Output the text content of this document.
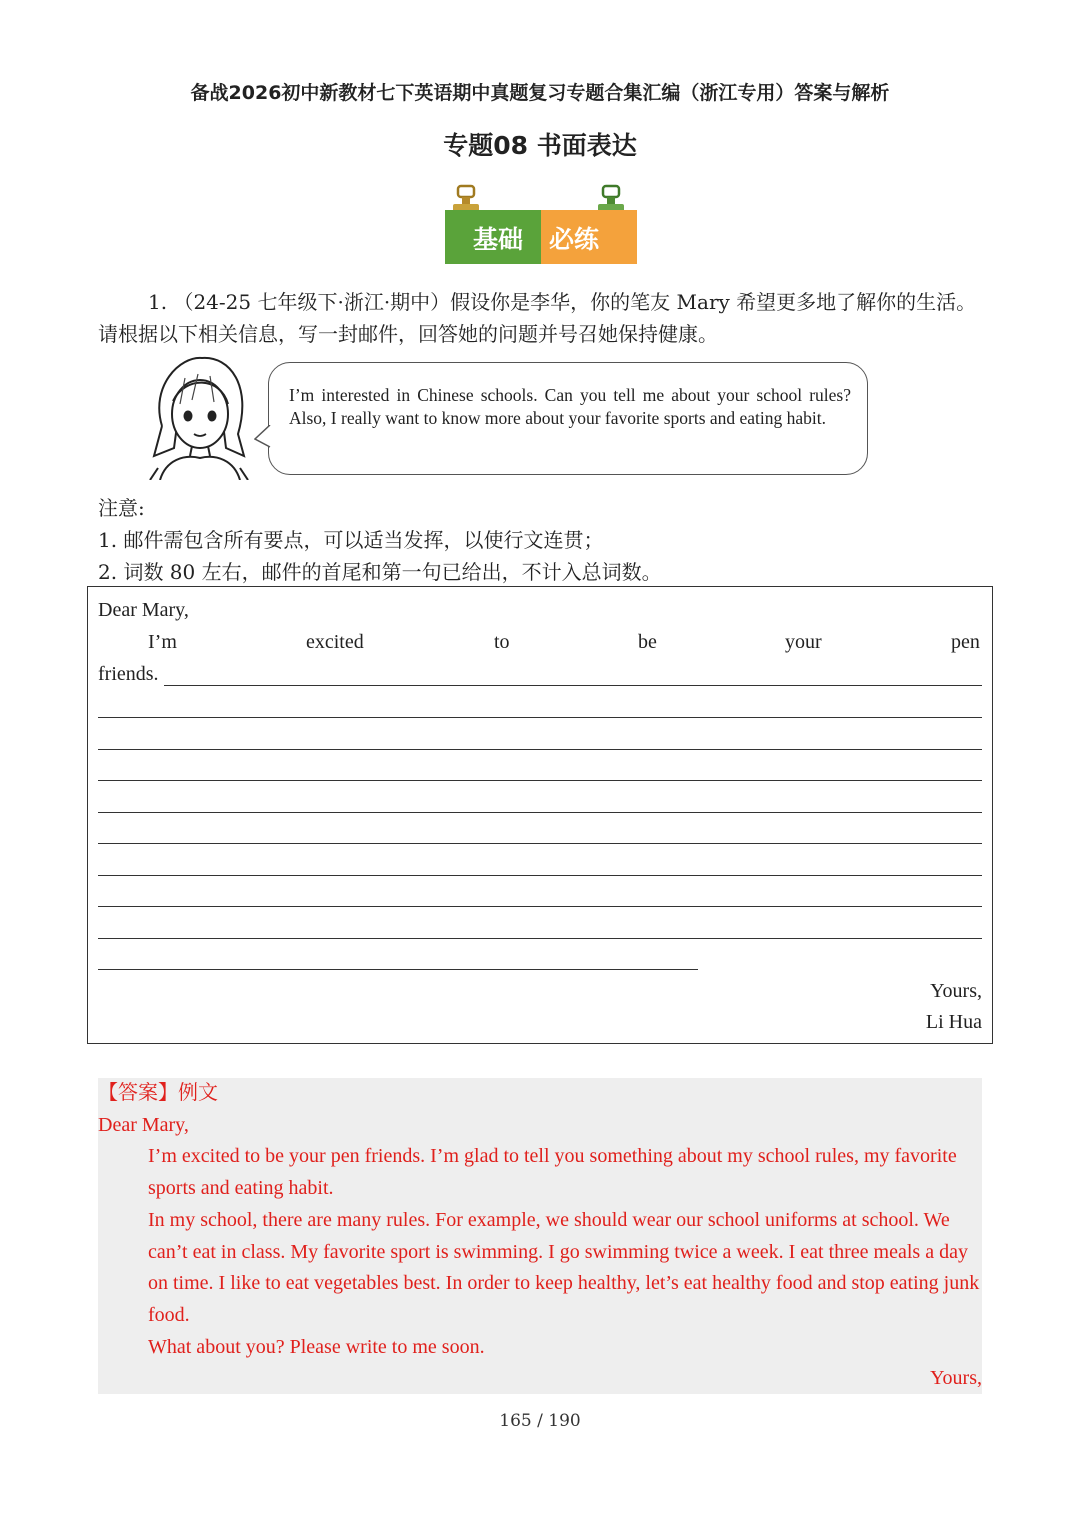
备战2026初中新教材七下英语期中真题复习专题合集汇编（浙江专用）答案与解析
专题08 书面表达
基础 必练
1. （24-25 七年级下·浙江·期中）假设你是李华，你的笔友 Mary 希望更多地了解你的生活。请根据以下相关信息，写一封邮件，回答她的问题并号召她保持健康。
I’m interested in Chinese schools. Can you tell me about your school rules? Also, I really want to know more about your favorite sports and eating habit.
注意:
1. 邮件需包含所有要点，可以适当发挥，以使行文连贯；
2. 词数 80 左右，邮件的首尾和第一句已给出，不计入总词数。
Dear Mary,
I’m	excited	to	be	your	pen
friends.
Yours,
Li Hua

【答案】例文

Dear Mary,

I’m excited to be your pen friends. I’m glad to tell you something about my school rules, my favorite sports and eating habit.

In my school, there are many rules. For example, we should wear our school uniforms at school. We can’t eat in class. My favorite sport is swimming. I go swimming twice a week. I eat three meals a day on time. I like to eat vegetables best. In order to keep healthy, let’s eat healthy food and stop eating junk food.

What about you? Please write to me soon.

Yours,

165 / 190
